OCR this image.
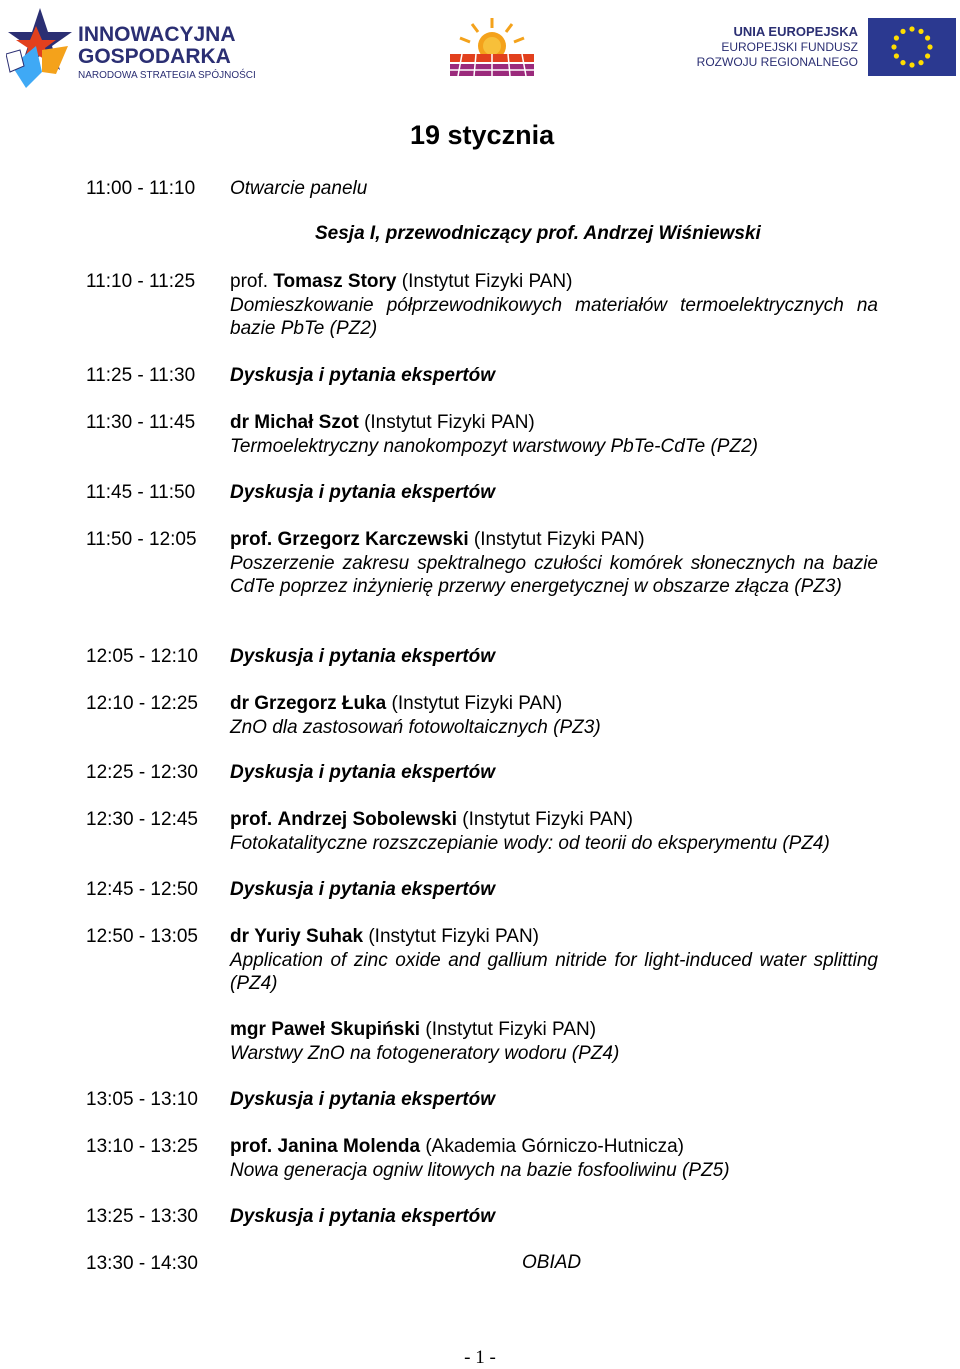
INNOWACYJNA
GOSPODARKA
NARODOWA STRATEGIA SPÓJNOŚCI
UNIA EUROPEJSKA
EUROPEJSKI FUNDUSZ
ROZWOJU REGIONALNEGO
19 stycznia
11:00 - 11:10 Otwarcie panelu
Sesja I, przewodniczący prof. Andrzej Wiśniewski
11:10 - 11:25 prof. Tomasz Story (Instytut Fizyki PAN)
Domieszkowanie półprzewodnikowych materiałów termoelektrycznych na bazie PbTe (PZ2)
11:25 - 11:30 Dyskusja i pytania ekspertów
11:30 - 11:45 dr Michał Szot (Instytut Fizyki PAN)
Termoelektryczny nanokompozyt warstwowy PbTe-CdTe (PZ2)
11:45 - 11:50 Dyskusja i pytania ekspertów
11:50 - 12:05 prof. Grzegorz Karczewski (Instytut Fizyki PAN)
Poszerzenie zakresu spektralnego czułości komórek słonecznych na bazie CdTe poprzez inżynierię przerwy energetycznej w obszarze złącza (PZ3)
12:05 - 12:10 Dyskusja i pytania ekspertów
12:10 - 12:25 dr Grzegorz Łuka (Instytut Fizyki PAN)
ZnO dla zastosowań fotowoltaicznych (PZ3)
12:25 - 12:30 Dyskusja i pytania ekspertów
12:30 - 12:45 prof. Andrzej Sobolewski (Instytut Fizyki PAN)
Fotokatalityczne rozszczepianie wody: od teorii do eksperymentu (PZ4)
12:45 - 12:50 Dyskusja i pytania ekspertów
12:50 - 13:05 dr Yuriy Suhak (Instytut Fizyki PAN)
Application of zinc oxide and gallium nitride for light-induced water splitting (PZ4)
mgr Paweł Skupiński (Instytut Fizyki PAN)
Warstwy ZnO na fotogeneratory wodoru (PZ4)
13:05 - 13:10 Dyskusja i pytania ekspertów
13:10 - 13:25 prof. Janina Molenda (Akademia Górniczo-Hutnicza)
Nowa generacja ogniw litowych na bazie fosfooliwinu (PZ5)
13:25 - 13:30 Dyskusja i pytania ekspertów
13:30 - 14:30	OBIAD
- 1 -
